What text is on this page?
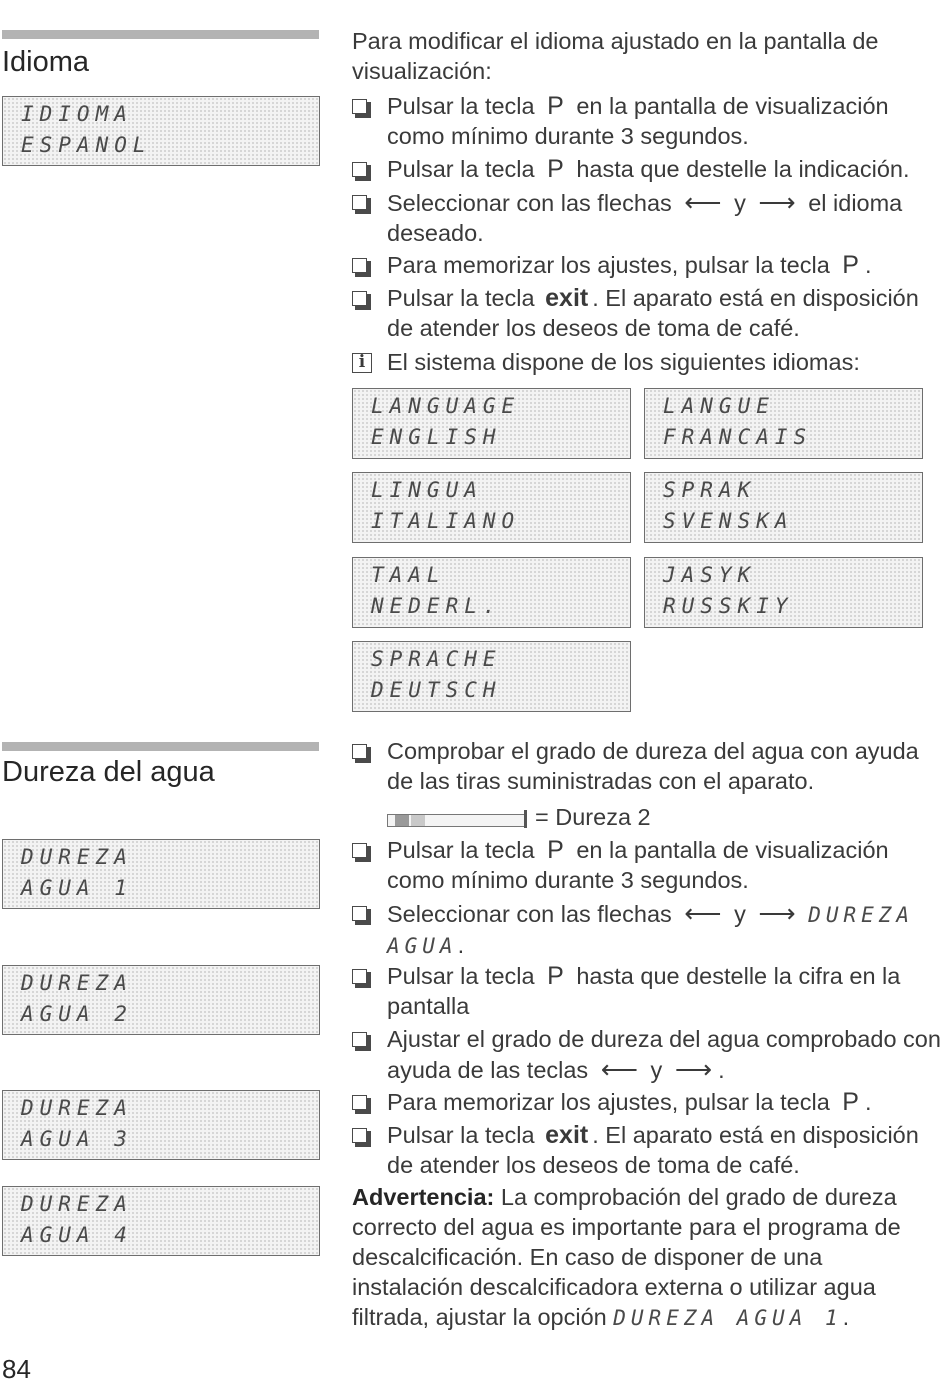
Idioma
IDIOMA
ESPANOL

Para modificar el idioma ajustado en la pantalla de visualización:

Pulsar la tecla P en la pantalla de visualización como mínimo durante 3 segundos.
Pulsar la tecla P hasta que destelle la indicación.
Seleccionar con las flechas ⟵ y ⟶ el idioma deseado.
Para memorizar los ajustes, pulsar la tecla P .
Pulsar la tecla exit . El aparato está en disposición de atender los deseos de toma de café.
i El sistema dispone de los siguientes idiomas:
LANGUAGE
ENGLISH
LANGUE
FRANCAIS
LINGUA
ITALIANO
SPRAK
SVENSKA
TAAL
NEDERL.
JASYK
RUSSKIY
SPRACHE
DEUTSCH
Dureza del agua
DUREZA
AGUA 1
DUREZA
AGUA 2
DUREZA
AGUA 3
DUREZA
AGUA 4
Comprobar el grado de dureza del agua con ayuda de las tiras suministradas con el aparato.
= Dureza 2
Pulsar la tecla P en la pantalla de visualización como mínimo durante 3 segundos.
Seleccionar con las flechas ⟵ y ⟶ DUREZA AGUA.
Pulsar la tecla P hasta que destelle la cifra en la pantalla
Ajustar el grado de dureza del agua comprobado con ayuda de las teclas ⟵ y ⟶ .
Para memorizar los ajustes, pulsar la tecla P .
Pulsar la tecla exit . El aparato está en disposición de atender los deseos de toma de café.

Advertencia: La comprobación del grado de dureza correcto del agua es importante para el programa de descalcificación. En caso de disponer de una instalación descalcificadora externa o utilizar agua filtrada, ajustar la opción DUREZA AGUA 1.

84
